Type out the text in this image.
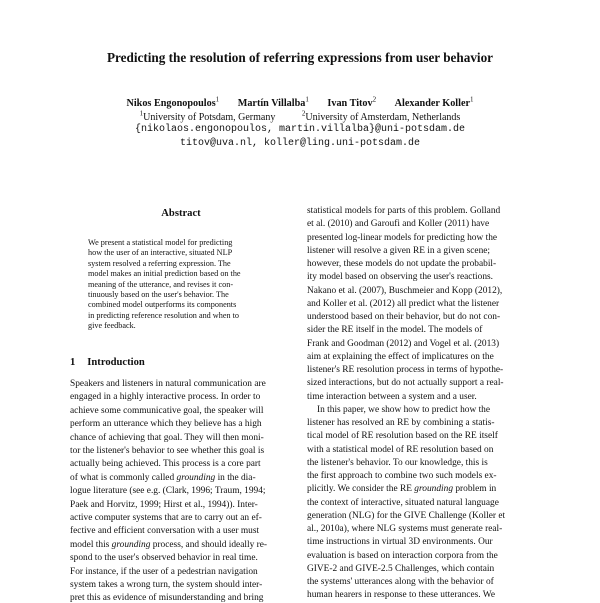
Predicting the resolution of referring expressions from user behavior
Nikos Engonopoulos$^1$ Martín Villalba$^1$ Ivan Titov$^2$ Alexander Koller$^1$
$^1$University of Potsdam, Germany	$^2$University of Amsterdam, Netherlands
{nikolaos.engonopoulos, martin.villalba}@uni-potsdam.de
titov@uva.nl, koller@ling.uni-potsdam.de
Abstract
We present a statistical model for predicting
how the user of an interactive, situated NLP
system resolved a referring expression. The
model makes an initial prediction based on the
meaning of the utterance, and revises it con-
tinuously based on the user's behavior. The
combined model outperforms its components
in predicting reference resolution and when to
give feedback.
1 Introduction
Speakers and listeners in natural communication are
engaged in a highly interactive process. In order to
achieve some communicative goal, the speaker will
perform an utterance which they believe has a high
chance of achieving that goal. They will then moni-
tor the listener's behavior to see whether this goal is
actually being achieved. This process is a core part
of what is commonly called grounding in the dia-
logue literature (see e.g. (Clark, 1996; Traum, 1994;
Paek and Horvitz, 1999; Hirst et al., 1994)). Inter-
active computer systems that are to carry out an ef-
fective and efficient conversation with a user must
model this grounding process, and should ideally re-
spond to the user's observed behavior in real time.
For instance, if the user of a pedestrian navigation
system takes a wrong turn, the system should inter-
pret this as evidence of misunderstanding and bring
statistical models for parts of this problem. Golland
et al. (2010) and Garoufi and Koller (2011) have
presented log-linear models for predicting how the
listener will resolve a given RE in a given scene;
however, these models do not update the probabil-
ity model based on observing the user's reactions.
Nakano et al. (2007), Buschmeier and Kopp (2012),
and Koller et al. (2012) all predict what the listener
understood based on their behavior, but do not con-
sider the RE itself in the model. The models of
Frank and Goodman (2012) and Vogel et al. (2013)
aim at explaining the effect of implicatures on the
listener's RE resolution process in terms of hypothe-
sized interactions, but do not actually support a real-
time interaction between a system and a user.
In this paper, we show how to predict how the
listener has resolved an RE by combining a statis-
tical model of RE resolution based on the RE itself
with a statistical model of RE resolution based on
the listener's behavior. To our knowledge, this is
the first approach to combine two such models ex-
plicitly. We consider the RE grounding problem in
the context of interactive, situated natural language
generation (NLG) for the GIVE Challenge (Koller et
al., 2010a), where NLG systems must generate real-
time instructions in virtual 3D environments. Our
evaluation is based on interaction corpora from the
GIVE-2 and GIVE-2.5 Challenges, which contain
the systems' utterances along with the behavior of
human hearers in response to these utterances. We
